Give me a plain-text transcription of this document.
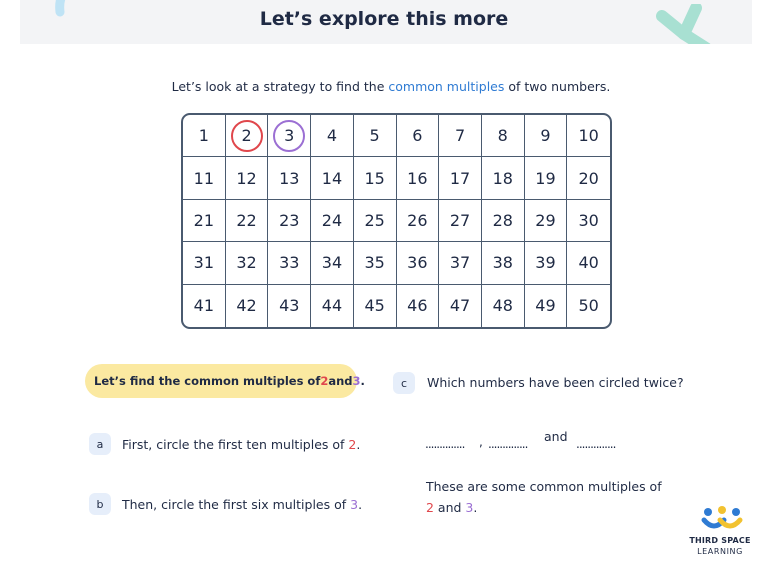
Let’s explore this more
Let’s look at a strategy to find the common multiples of two numbers.
1 2 3 4 5 6 7 8 9 10
11 12 13 14 15 16 17 18 19 20
21 22 23 24 25 26 27 28 29 30
31 32 33 34 35 36 37 38 39 40
41 42 43 44 45 46 47 48 49 50
Let’s find the common multiples of 2 and 3 .
a	First, circle the first ten multiples of 2.
b	Then, circle the first six multiples of 3.
c	Which numbers have been circled twice?
.............. , .............. and ..............
These are some common multiples of
2 and 3.
THIRD SPACE
LEARNING
